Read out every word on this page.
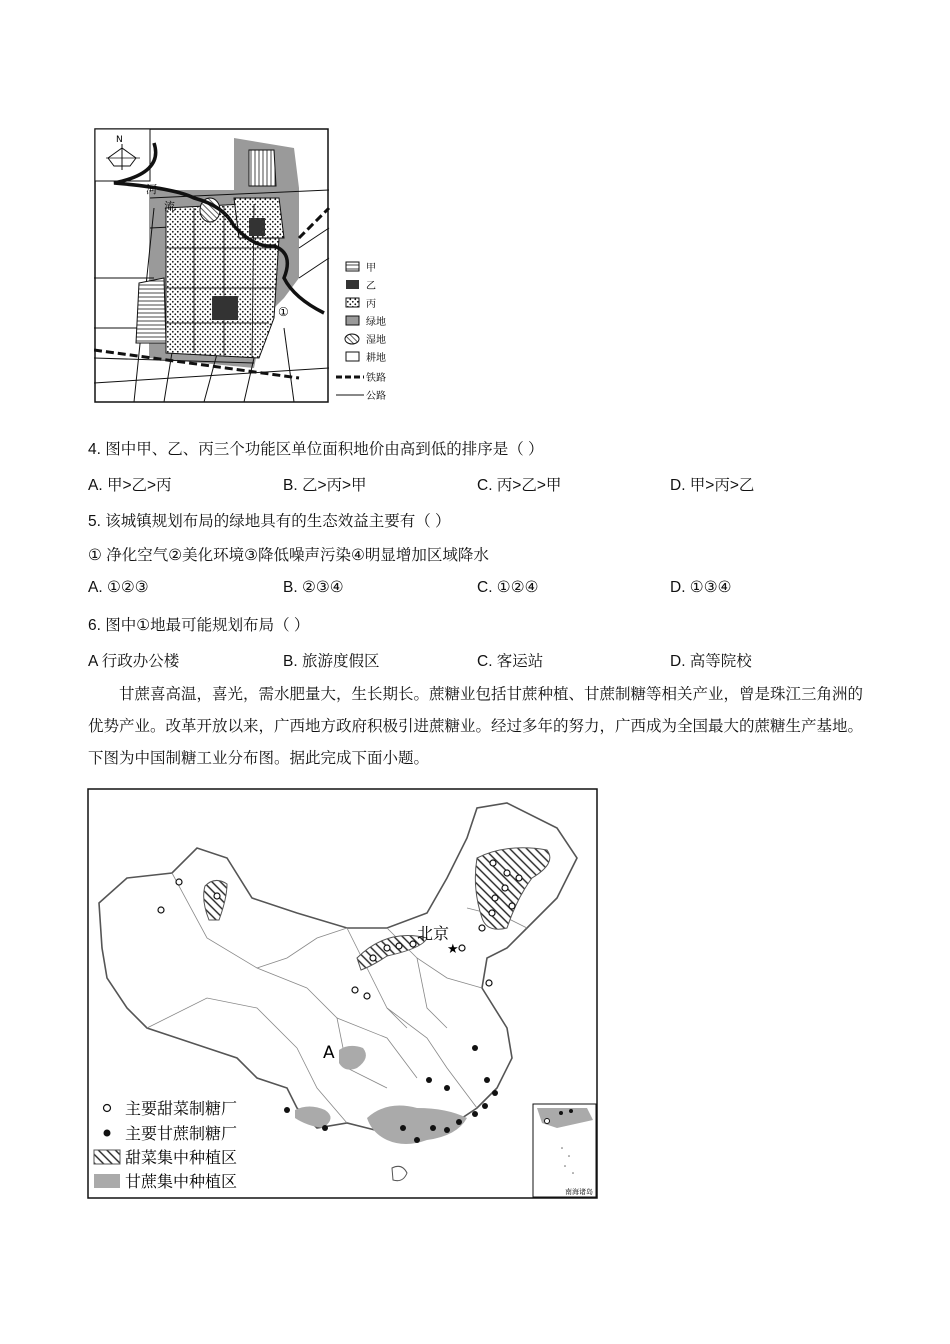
N
河
流
①
甲
乙
丙
绿地
湿地
耕地
铁路
公路
4. 图中甲、乙、丙三个功能区单位面积地价由高到低的排序是（ ）
A. 甲>乙>丙	B. 乙>丙>甲	C. 丙>乙>甲	D. 甲>丙>乙
5. 该城镇规划布局的绿地具有的生态效益主要有（ ）
① 净化空气②美化环境③降低噪声污染④明显增加区域降水
A. ①②③	B. ②③④	C. ①②④	D. ①③④
6. 图中①地最可能规划布局（ ）
A 行政办公楼	B. 旅游度假区	C. 客运站	D. 高等院校

甘蔗喜高温，喜光，需水肥量大，生长期长。蔗糖业包括甘蔗种植、甘蔗制糖等相关产业，曾是珠江三角洲的优势产业。改革开放以来，广西地方政府积极引进蔗糖业。经过多年的努力，广西成为全国最大的蔗糖生产基地。下图为中国制糖工业分布图。据此完成下面小题。

北京
★
A
主要甜菜制糖厂
主要甘蔗制糖厂
甜菜集中种植区
甘蔗集中种植区
南海诸岛
